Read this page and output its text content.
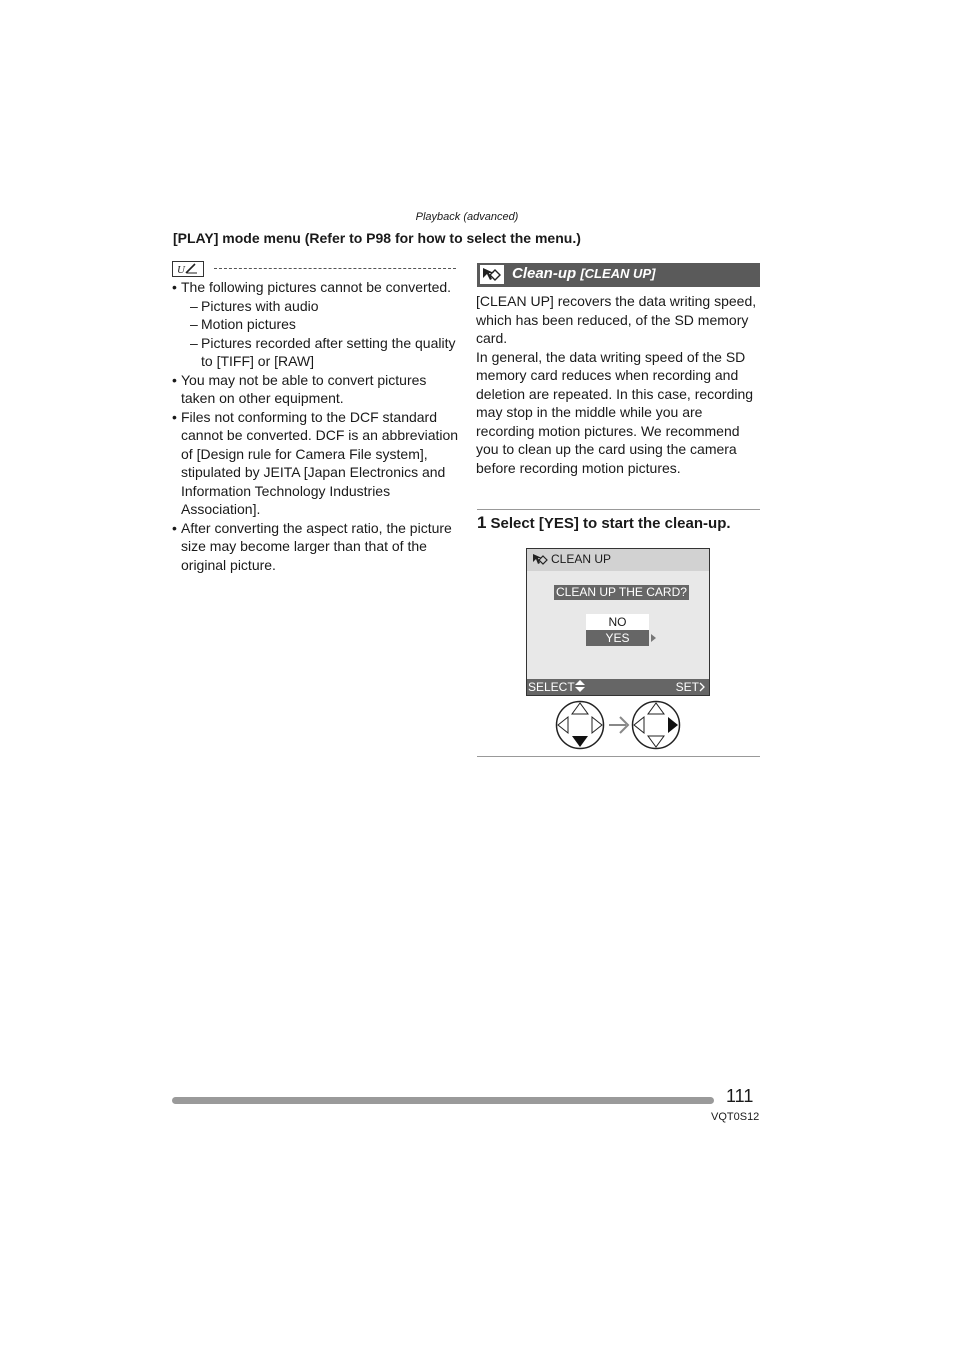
Playback (advanced)
[PLAY] mode menu (Refer to P98 for how to select the menu.)
U
• The following pictures cannot be converted.
– Pictures with audio
– Motion pictures
– Pictures recorded after setting the quality to [TIFF] or [RAW]
• You may not be able to convert pictures taken on other equipment.
• Files not conforming to the DCF standard cannot be converted. DCF is an abbreviation of [Design rule for Camera File system], stipulated by JEITA [Japan Electronics and Information Technology Industries Association].
• After converting the aspect ratio, the picture size may become larger than that of the original picture.
Clean-up [CLEAN UP]

[CLEAN UP] recovers the data writing speed, which has been reduced, of the SD memory card.

In general, the data writing speed of the SD memory card reduces when recording and deletion are repeated. In this case, recording may stop in the middle while you are recording motion pictures. We recommend you to clean up the card using the camera before recording motion pictures.

1 Select [YES] to start the clean-up.
CLEAN UP
CLEAN UP THE CARD?
NO
YES
SELECT	SET
111
VQT0S12
